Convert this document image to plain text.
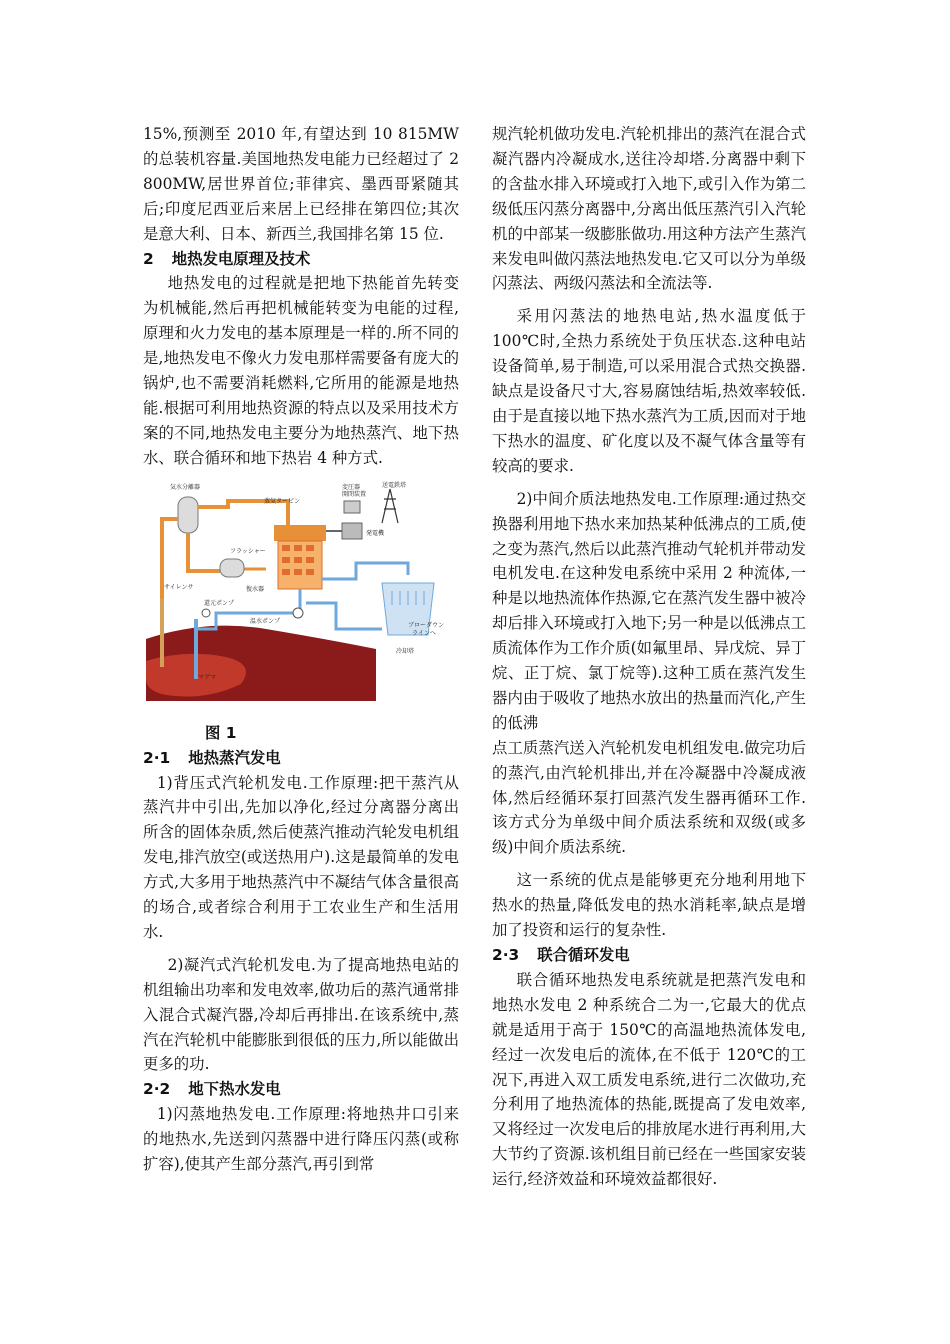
15%,预测至 2010 年,有望达到 10 815MW 的总装机容量.美国地热发电能力已经超过了 2 800MW,居世界首位;菲律宾、墨西哥紧随其后;印度尼西亚后来居上已经排在第四位;其次是意大利、日本、新西兰,我国排名第 15 位.

2 地热发电原理及技术

地热发电的过程就是把地下热能首先转变为机械能,然后再把机械能转变为电能的过程,原理和火力发电的基本原理是一样的.所不同的是,地热发电不像火力发电那样需要备有庞大的锅炉,也不需要消耗燃料,它所用的能源是地热能.根据可利用地热资源的特点以及采用技术方案的不同,地热发电主要分为地热蒸汽、地下热水、联合循环和地下热岩 4 种方式.

マグマ
気水分離器
フラッシャー
サイレンサ
蒸気タービン
復水器
発電機
変圧器
開閉装置
送電鉄塔
温水ポンプ
還元ポンプ
冷却塔
ブローダウン
ラインへ
图 1
2·1 地热蒸汽发电

1)背压式汽轮机发电.工作原理:把干蒸汽从蒸汽井中引出,先加以净化,经过分离器分离出所含的固体杂质,然后使蒸汽推动汽轮发电机组发电,排汽放空(或送热用户).这是最简单的发电方式,大多用于地热蒸汽中不凝结气体含量很高的场合,或者综合利用于工农业生产和生活用水.

2)凝汽式汽轮机发电.为了提高地热电站的机组输出功率和发电效率,做功后的蒸汽通常排入混合式凝汽器,冷却后再排出.在该系统中,蒸汽在汽轮机中能膨胀到很低的压力,所以能做出更多的功.

2·2 地下热水发电

1)闪蒸地热发电.工作原理:将地热井口引来的地热水,先送到闪蒸器中进行降压闪蒸(或称扩容),使其产生部分蒸汽,再引到常

规汽轮机做功发电.汽轮机排出的蒸汽在混合式凝汽器内冷凝成水,送往冷却塔.分离器中剩下的含盐水排入环境或打入地下,或引入作为第二级低压闪蒸分离器中,分离出低压蒸汽引入汽轮机的中部某一级膨胀做功.用这种方法产生蒸汽来发电叫做闪蒸法地热发电.它又可以分为单级闪蒸法、两级闪蒸法和全流法等.

采用闪蒸法的地热电站,热水温度低于 100℃时,全热力系统处于负压状态.这种电站设备简单,易于制造,可以采用混合式热交换器.缺点是设备尺寸大,容易腐蚀结垢,热效率较低.由于是直接以地下热水蒸汽为工质,因而对于地下热水的温度、矿化度以及不凝气体含量等有较高的要求.

2)中间介质法地热发电.工作原理:通过热交换器利用地下热水来加热某种低沸点的工质,使之变为蒸汽,然后以此蒸汽推动气轮机并带动发电机发电.在这种发电系统中采用 2 种流体,一种是以地热流体作热源,它在蒸汽发生器中被冷却后排入环境或打入地下;另一种是以低沸点工质流体作为工作介质(如氟里昂、异戊烷、异丁烷、正丁烷、氯丁烷等).这种工质在蒸汽发生器内由于吸收了地热水放出的热量而汽化,产生的低沸

点工质蒸汽送入汽轮机发电机组发电.做完功后的蒸汽,由汽轮机排出,并在冷凝器中冷凝成液体,然后经循环泵打回蒸汽发生器再循环工作.该方式分为单级中间介质法系统和双级(或多级)中间介质法系统.

这一系统的优点是能够更充分地利用地下热水的热量,降低发电的热水消耗率,缺点是增加了投资和运行的复杂性.

2·3 联合循环发电

联合循环地热发电系统就是把蒸汽发电和地热水发电 2 种系统合二为一,它最大的优点就是适用于高于 150℃的高温地热流体发电,经过一次发电后的流体,在不低于 120℃的工况下,再进入双工质发电系统,进行二次做功,充分利用了地热流体的热能,既提高了发电效率,又将经过一次发电后的排放尾水进行再利用,大大节约了资源.该机组目前已经在一些国家安装运行,经济效益和环境效益都很好.
